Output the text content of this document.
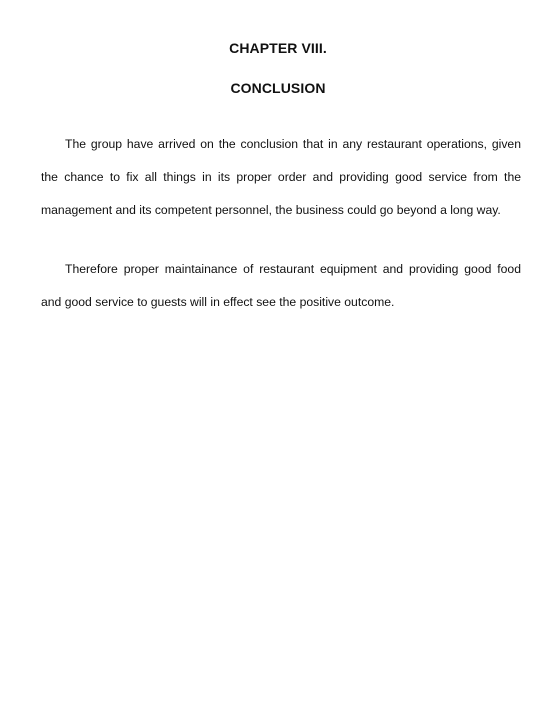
CHAPTER VIII.
CONCLUSION

The group have arrived on the conclusion that in any restaurant operations, given the chance to fix all things in its proper order and providing good service from the management and its competent personnel, the business could go beyond a long way.

Therefore proper maintainance of restaurant equipment and providing good food and good service to guests will in effect see the positive outcome.
